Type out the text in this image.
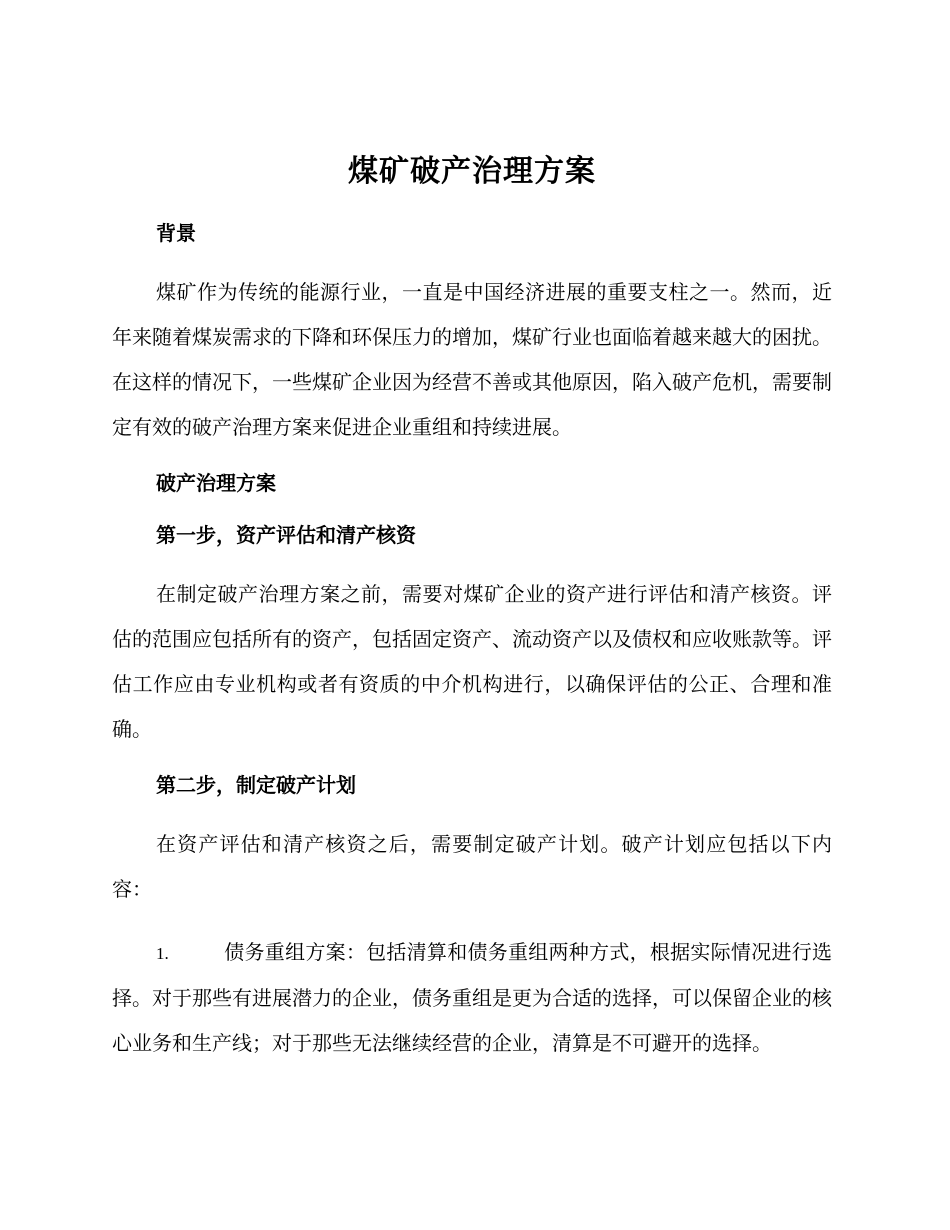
煤矿破产治理方案
背景

煤矿作为传统的能源行业，一直是中国经济进展的重要支柱之一。然而，近年来随着煤炭需求的下降和环保压力的增加，煤矿行业也面临着越来越大的困扰。在这样的情况下，一些煤矿企业因为经营不善或其他原因，陷入破产危机，需要制定有效的破产治理方案来促进企业重组和持续进展。

破产治理方案
第一步，资产评估和清产核资

在制定破产治理方案之前，需要对煤矿企业的资产进行评估和清产核资。评估的范围应包括所有的资产，包括固定资产、流动资产以及债权和应收账款等。评估工作应由专业机构或者有资质的中介机构进行，以确保评估的公正、合理和准确。

第二步，制定破产计划

在资产评估和清产核资之后，需要制定破产计划。破产计划应包括以下内容：

1.	债务重组方案：包括清算和债务重组两种方式，根据实际情况进行选择。对于那些有进展潜力的企业，债务重组是更为合适的选择，可以保留企业的核心业务和生产线；对于那些无法继续经营的企业，清算是不可避开的选择。
